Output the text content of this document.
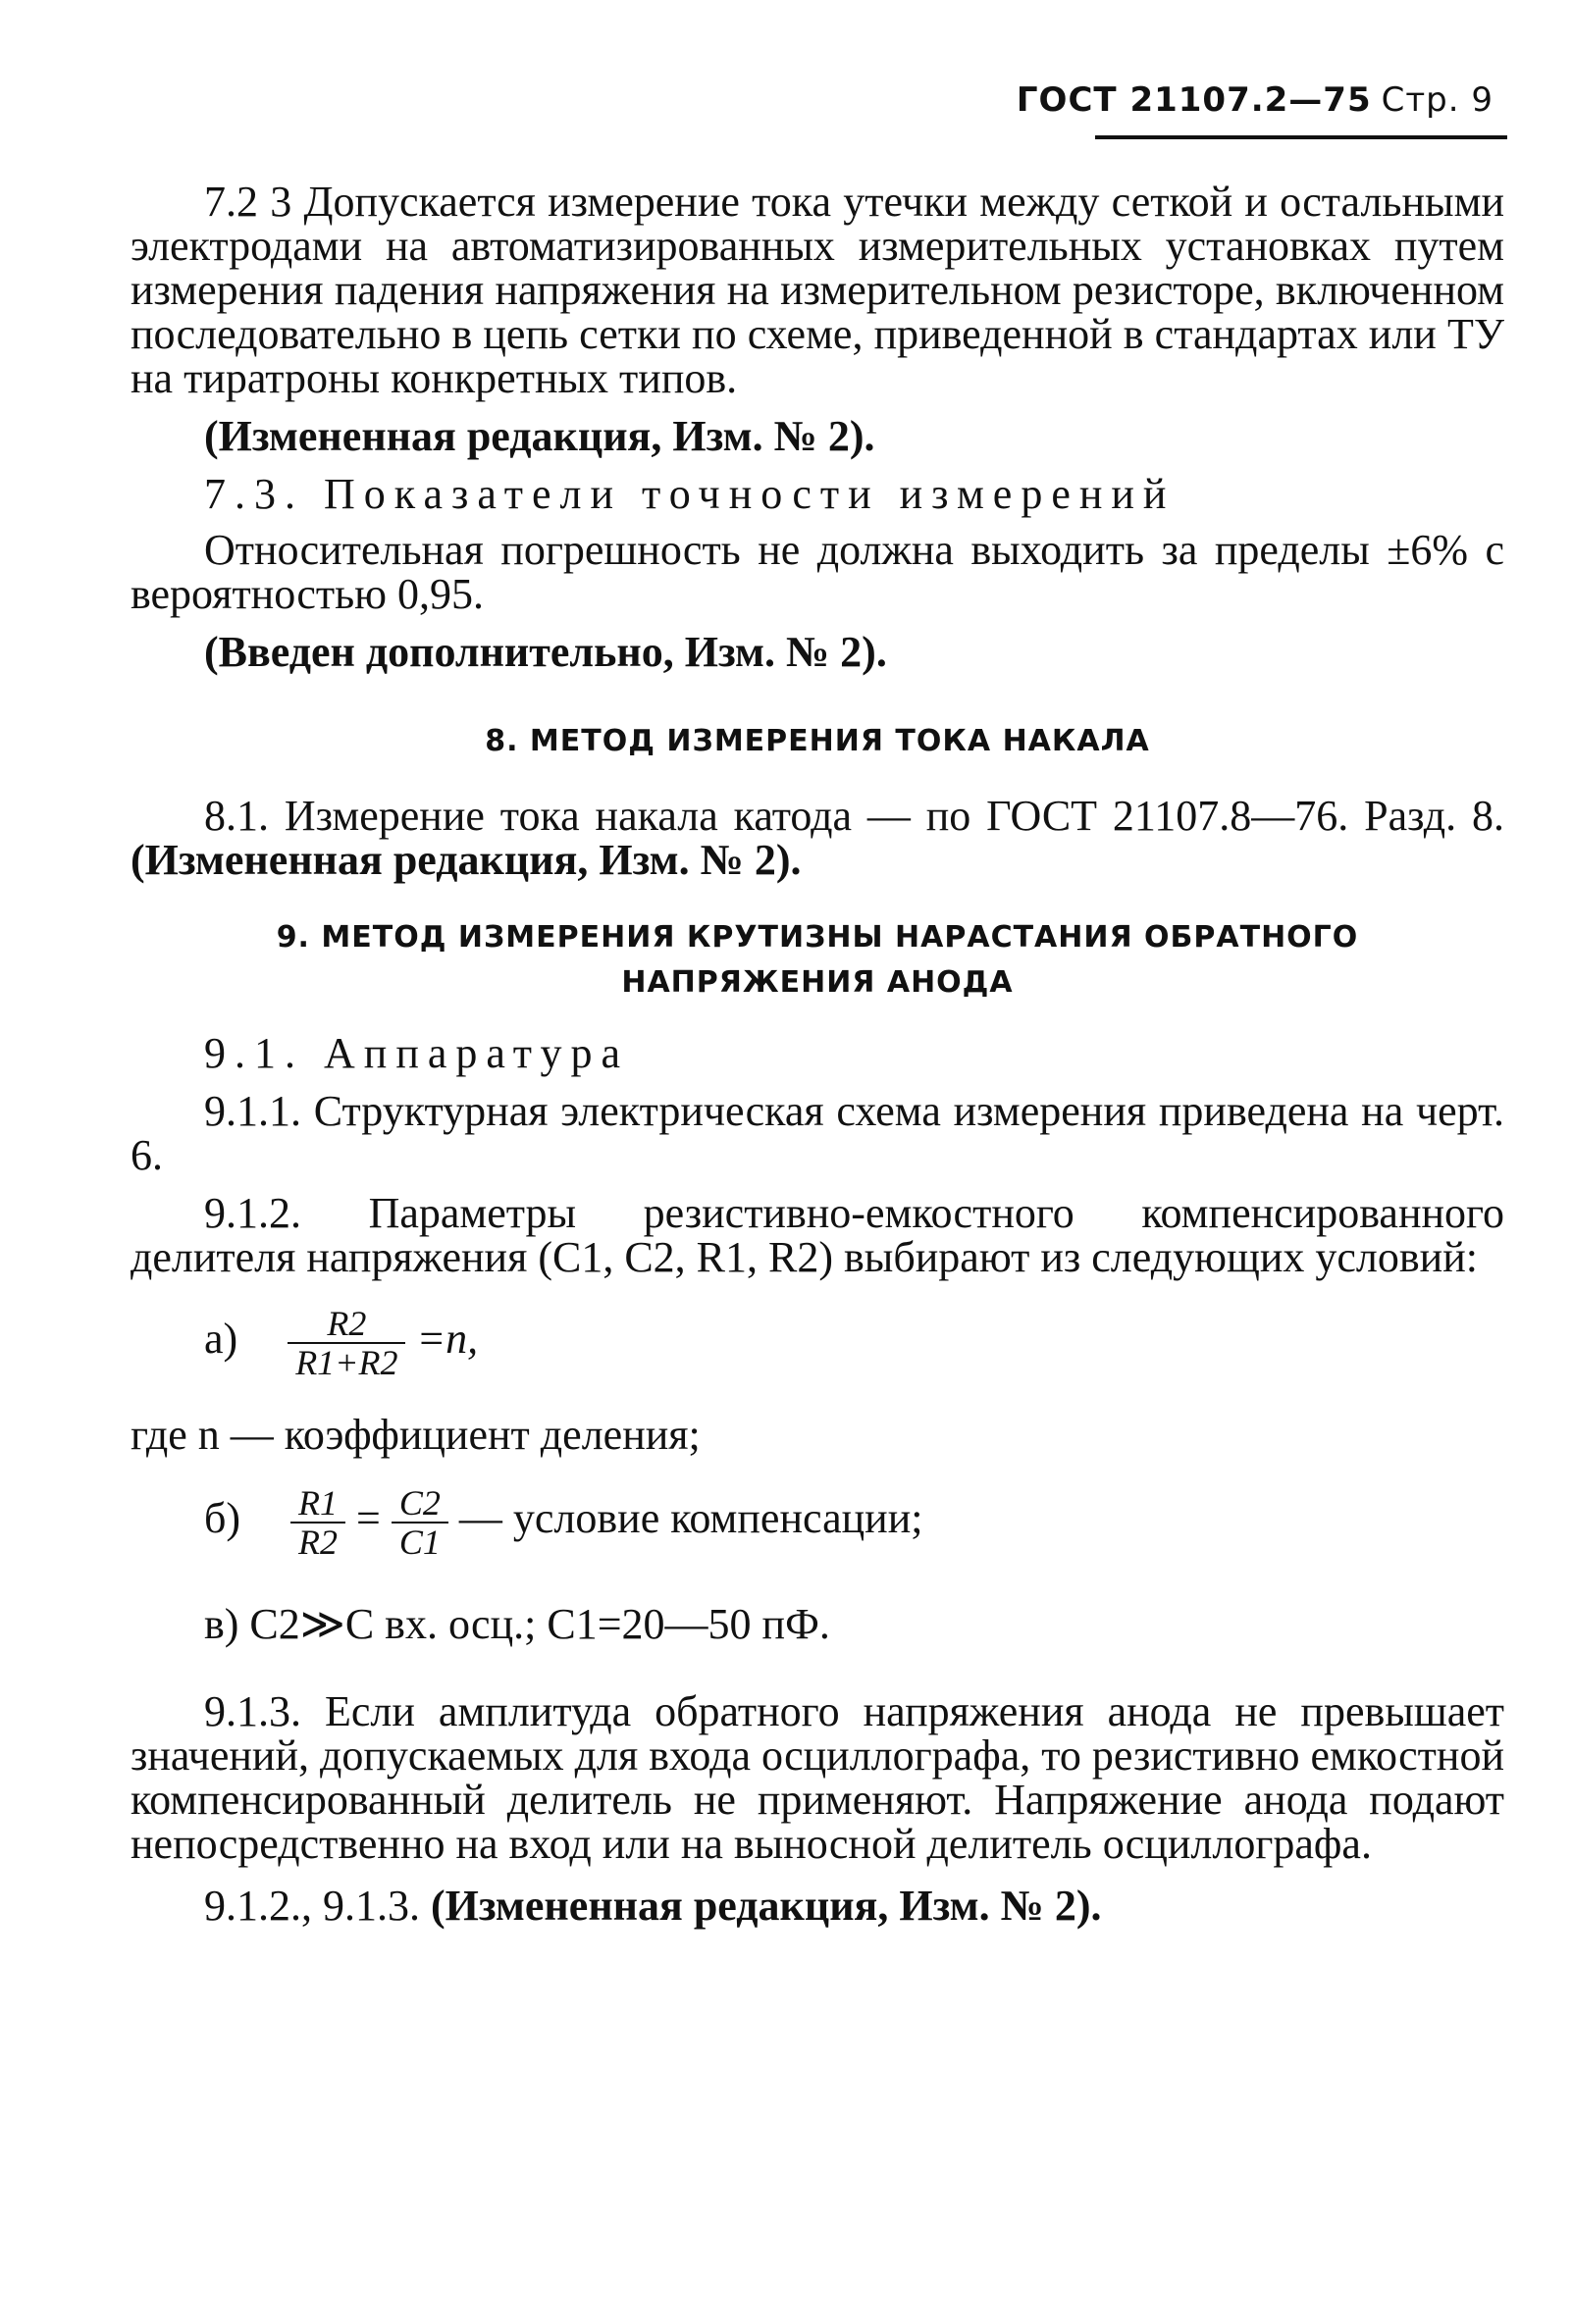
ГОСТ 21107.2—75 Стр. 9

7.2 3 Допускается измерение тока утечки между сеткой и остальными электродами на автоматизированных измерительных установках путем измерения падения напряжения на измерительном резисторе, включенном последовательно в цепь сетки по схеме, приведенной в стандартах или ТУ на тиратроны конкретных типов.

(Измененная редакция, Изм. № 2).

7.3. Показатели точности измерений

Относительная погрешность не должна выходить за пределы ±6% с вероятностью 0,95.

(Введен дополнительно, Изм. № 2).

8. МЕТОД ИЗМЕРЕНИЯ ТОКА НАКАЛА

8.1. Измерение тока накала катода — по ГОСТ 21107.8—76. Разд. 8. (Измененная редакция, Изм. № 2).

9. МЕТОД ИЗМЕРЕНИЯ КРУТИЗНЫ НАРАСТАНИЯ ОБРАТНОГО
НАПРЯЖЕНИЯ АНОДА

9.1. Аппаратура

9.1.1. Структурная электрическая схема измерения приведена на черт. 6.

9.1.2. Параметры резистивно-емкостного компенсированного делителя напряжения (C1, C2, R1, R2) выбирают из следующих условий:

$а) \frac{R2}{R1+R2} =n$,

где n — коэффициент деления;

$б) \frac{R1}{R2} = \frac{C2}{C1}$ — условие компенсации;

в) C2≫C вх. осц.; C1=20—50 пФ.

9.1.3. Если амплитуда обратного напряжения анода не превышает значений, допускаемых для входа осциллографа, то резистивно емкостной компенсированный делитель не применяют. Напряжение анода подают непосредственно на вход или на выносной делитель осциллографа.

9.1.2., 9.1.3. (Измененная редакция, Изм. № 2).
